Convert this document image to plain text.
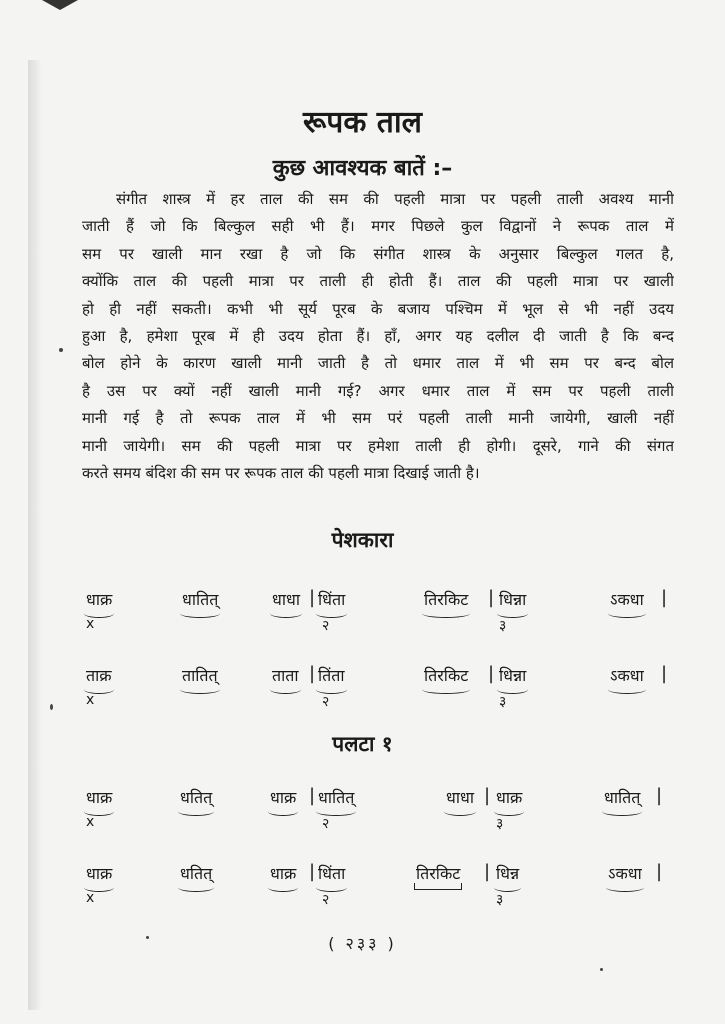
रूपक ताल
कुछ आवश्यक बातें :–
संगीत शास्त्र में हर ताल की सम की पहली मात्रा पर पहली ताली अवश्य मानी
जाती हैं जो कि बिल्कुल सही भी हैं। मगर पिछले कुल विद्वानों ने रूपक ताल में
सम पर खाली मान रखा है जो कि संगीत शास्त्र के अनुसार बिल्कुल गलत है,
क्योंकि ताल की पहली मात्रा पर ताली ही होती हैं। ताल की पहली मात्रा पर खाली
हो ही नहीं सकती। कभी भी सूर्य पूरब के बजाय पश्चिम में भूल से भी नहीं उदय
हुआ है, हमेशा पूरब में ही उदय होता हैं। हाँ, अगर यह दलील दी जाती है कि बन्द
बोल होने के कारण खाली मानी जाती है तो धमार ताल में भी सम पर बन्द बोल
है उस पर क्यों नहीं खाली मानी गई? अगर धमार ताल में सम पर पहली ताली
मानी गई है तो रूपक ताल में भी सम परं पहली ताली मानी जायेगी, खाली नहीं
मानी जायेगी। सम की पहली मात्रा पर हमेशा ताली ही होगी। दूसरे, गाने की संगत
करते समय बंदिश की सम पर रूपक ताल की पहली मात्रा दिखाई जाती है।
पेशकारा
धाक्र	धातित्	धाधा | धिंता	तिरकिट | धिन्ना	ऽकधा |
x	२	३
ताक्र	तातित्	ताता | तिंता	तिरकिट | धिन्ना	ऽकधा |
x	२	३
पलटा १
धाक्र	धतित्	धाक्र | धातित्	धाधा | धाक्र	धातित् |
x	२	३
धाक्र	धतित्	धाक्र | धिंता	तिरकिट | धिन्न	ऽकधा |
x	२	३
( २३३ )
